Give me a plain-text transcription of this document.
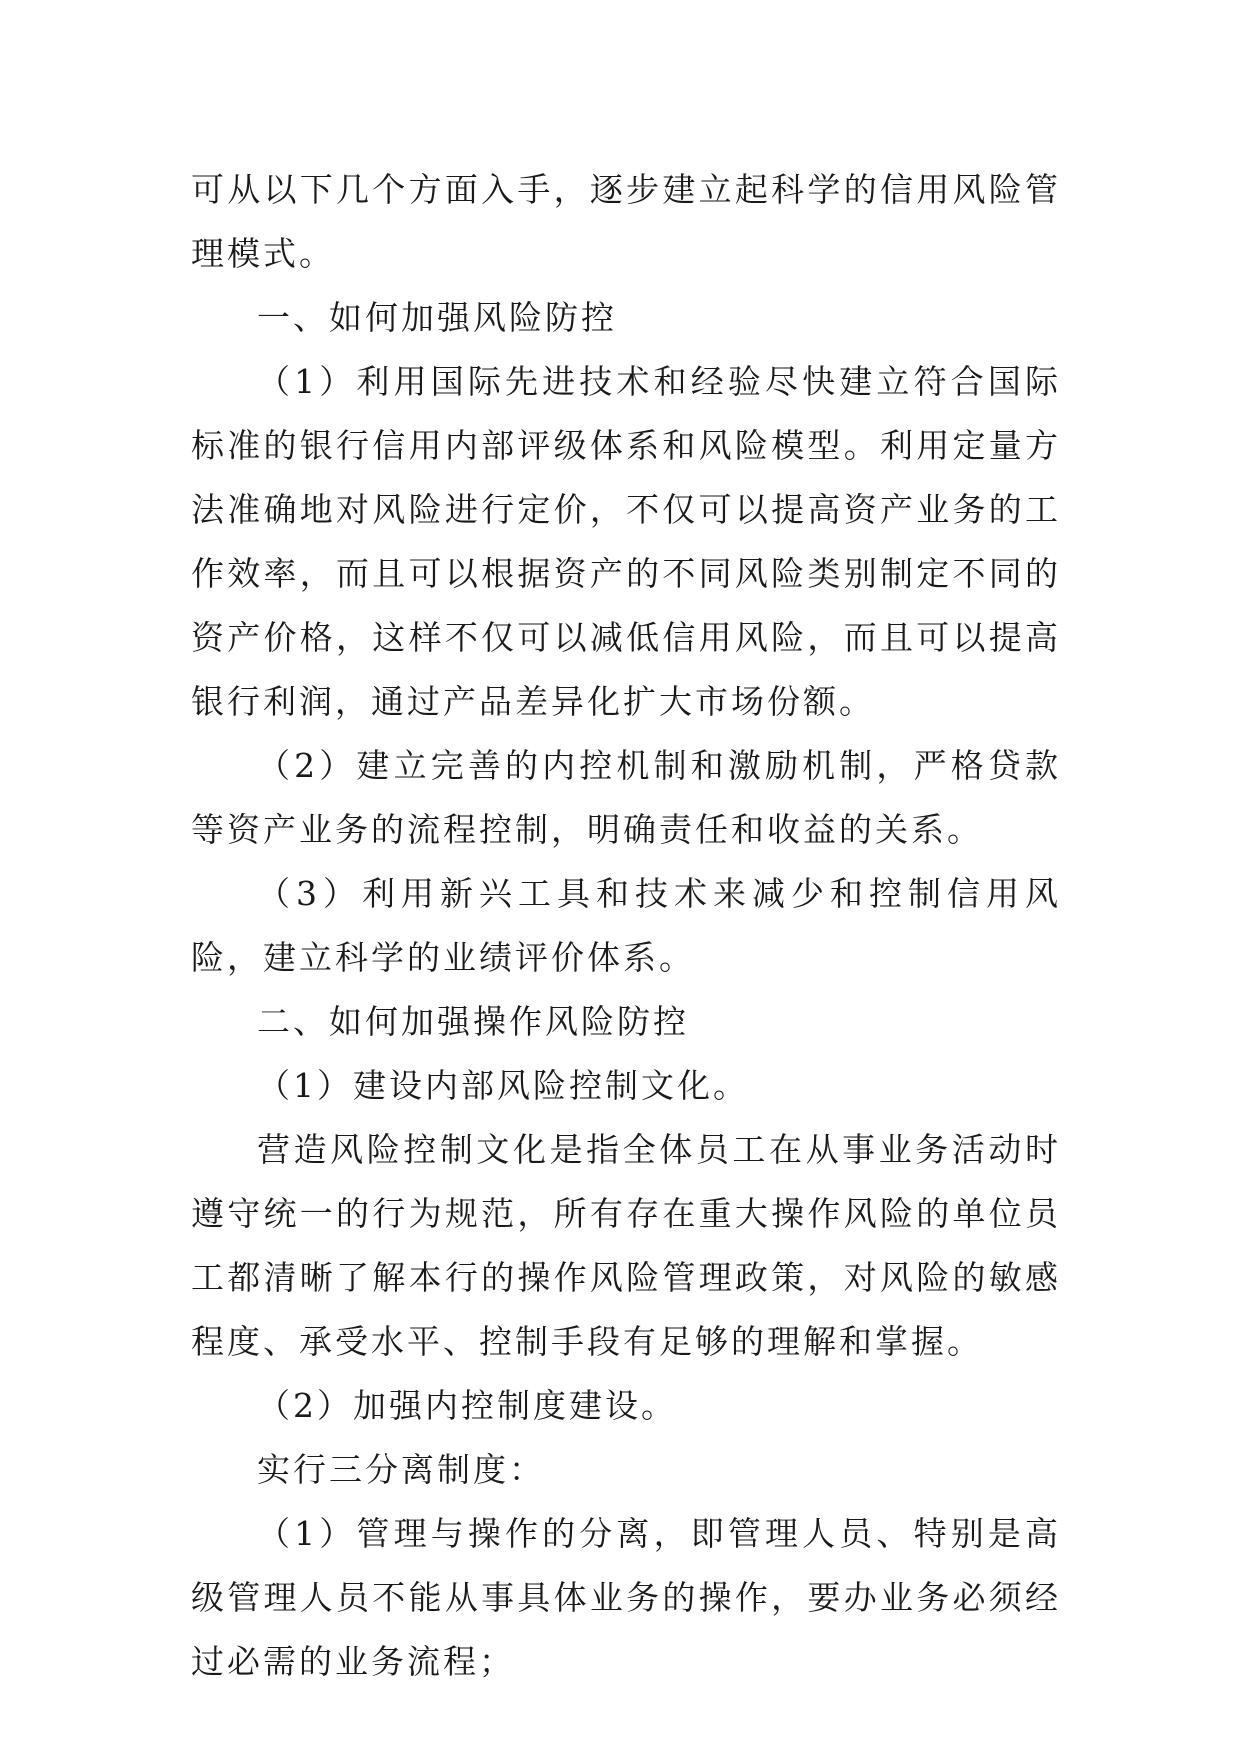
可从以下几个方面入手，逐步建立起科学的信用风险管理模式。

一、如何加强风险防控

（1）利用国际先进技术和经验尽快建立符合国际标准的银行信用内部评级体系和风险模型。利用定量方法准确地对风险进行定价，不仅可以提高资产业务的工作效率，而且可以根据资产的不同风险类别制定不同的资产价格，这样不仅可以减低信用风险，而且可以提高银行利润，通过产品差异化扩大市场份额。

（2）建立完善的内控机制和激励机制，严格贷款等资产业务的流程控制，明确责任和收益的关系。

（3）利用新兴工具和技术来减少和控制信用风险，建立科学的业绩评价体系。

二、如何加强操作风险防控

（1）建设内部风险控制文化。

营造风险控制文化是指全体员工在从事业务活动时遵守统一的行为规范，所有存在重大操作风险的单位员工都清晰了解本行的操作风险管理政策，对风险的敏感程度、承受水平、控制手段有足够的理解和掌握。

（2）加强内控制度建设。

实行三分离制度：

（1）管理与操作的分离，即管理人员、特别是高级管理人员不能从事具体业务的操作，要办业务必须经过必需的业务流程；
